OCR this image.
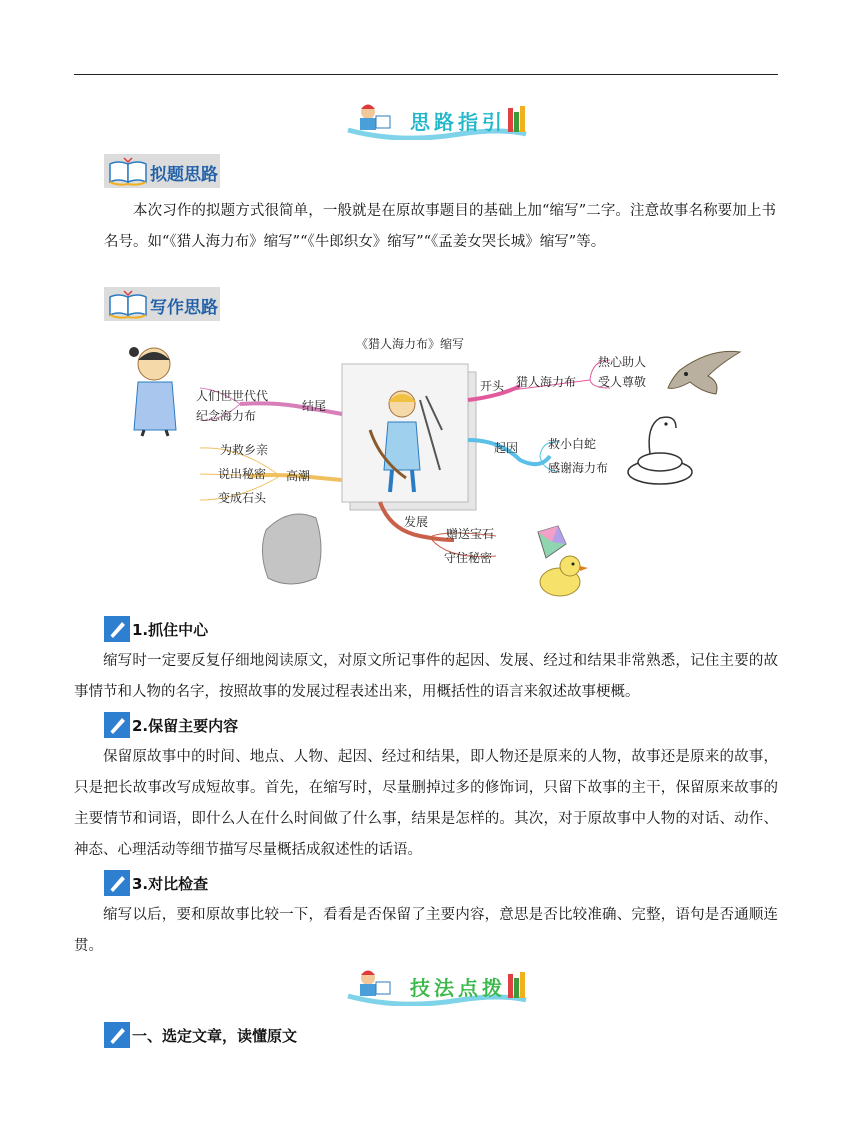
思路指引
拟题思路

本次习作的拟题方式很简单，一般就是在原故事题目的基础上加“缩写”二字。注意故事名称要加上书名号。如“《猎人海力布》缩写”“《牛郎织女》缩写”“《孟姜女哭长城》缩写”等。

写作思路
《猎人海力布》缩写
开头 猎人海力布
热心助人
受人尊敬
起因 救小白蛇
感谢海力布
发展
赠送宝石
守住秘密
高潮
为救乡亲
说出秘密
变成石头
结尾
人们世世代代
纪念海力布
1.抓住中心

缩写时一定要反复仔细地阅读原文，对原文所记事件的起因、发展、经过和结果非常熟悉，记住主要的故事情节和人物的名字，按照故事的发展过程表述出来，用概括性的语言来叙述故事梗概。

2.保留主要内容

保留原故事中的时间、地点、人物、起因、经过和结果，即人物还是原来的人物，故事还是原来的故事，只是把长故事改写成短故事。首先，在缩写时，尽量删掉过多的修饰词，只留下故事的主干，保留原来故事的主要情节和词语，即什么人在什么时间做了什么事，结果是怎样的。其次，对于原故事中人物的对话、动作、神态、心理活动等细节描写尽量概括成叙述性的话语。

3.对比检查

缩写以后，要和原故事比较一下，看看是否保留了主要内容，意思是否比较准确、完整，语句是否通顺连贯。

技法点拨
一、选定文章，读懂原文
